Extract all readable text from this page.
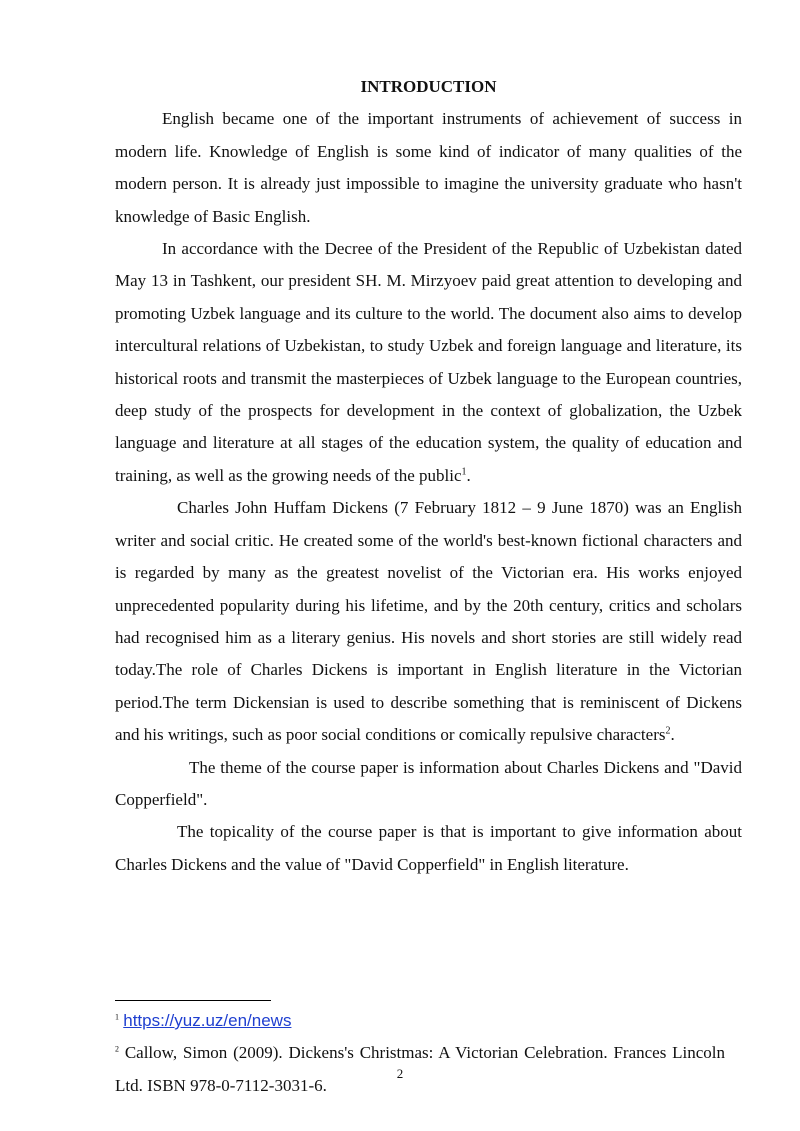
INTRODUCTION

English became one of the important instruments of achievement of success in modern life. Knowledge of English is some kind of indicator of many qualities of the modern person. It is already just impossible to imagine the university graduate who hasn't knowledge of Basic English.

In accordance with the Decree of the President of the Republic of Uzbekistan dated May 13 in Tashkent, our president SH. M. Mirzyoev paid great attention to developing and promoting Uzbek language and its culture to the world. The document also aims to develop intercultural relations of Uzbekistan, to study Uzbek and foreign language and literature, its historical roots and transmit the masterpieces of Uzbek language to the European countries, deep study of the prospects for development in the context of globalization, the Uzbek language and literature at all stages of the education system, the quality of education and training, as well as the growing needs of the public$^1$.

Charles John Huffam Dickens (7 February 1812 – 9 June 1870) was an English writer and social critic. He created some of the world's best-known fictional characters and is regarded by many as the greatest novelist of the Victorian era. His works enjoyed unprecedented popularity during his lifetime, and by the 20th century, critics and scholars had recognised him as a literary genius. His novels and short stories are still widely read today.The role of Charles Dickens is important in English literature in the Victorian period.The term Dickensian is used to describe something that is reminiscent of Dickens and his writings, such as poor social conditions or comically repulsive characters$^2$.

The theme of the course paper is information about Charles Dickens and "David Copperfield".

The topicality of the course paper is that is important to give information about Charles Dickens and the value of "David Copperfield" in English literature.

$^1$ https://yuz.uz/en/news

$^2$ Callow, Simon (2009). Dickens's Christmas: A Victorian Celebration. Frances Lincoln Ltd. ISBN 978-0-7112-3031-6.

2
